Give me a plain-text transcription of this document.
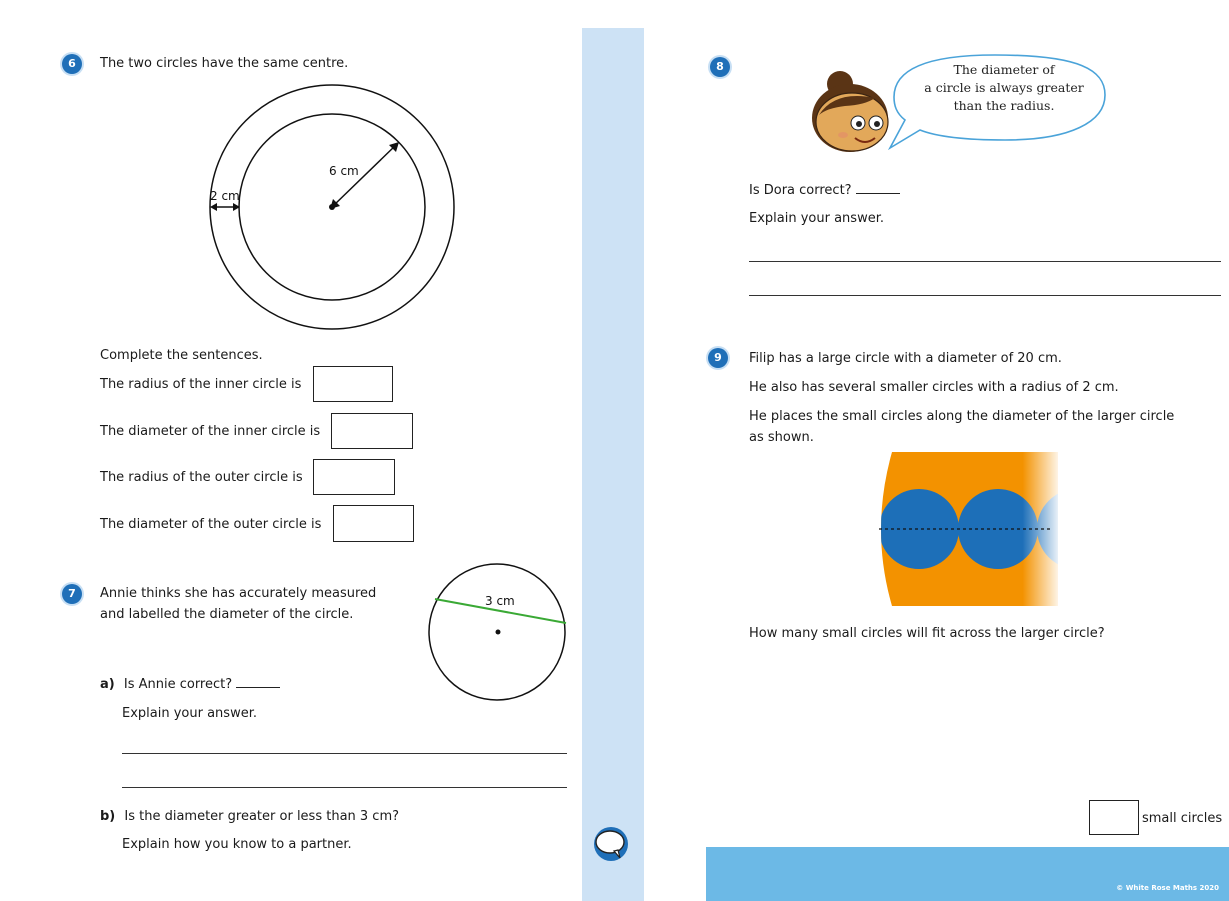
6	The two circles have the same centre.
6 cm
2 cm
Complete the sentences.
The radius of the inner circle is
The diameter of the inner circle is
The radius of the outer circle is
The diameter of the outer circle is
7	Annie thinks she has accurately measured
and labelled the diameter of the circle.
3 cm
a) Is Annie correct?
Explain your answer.
b) Is the diameter greater or less than 3 cm?
Explain how you know to a partner.
8	The diameter of
a circle is always greater
than the radius.
Is Dora correct?
Explain your answer.
9	Filip has a large circle with a diameter of 20 cm.
He also has several smaller circles with a radius of 2 cm.
He places the small circles along the diameter of the larger circle
as shown.
How many small circles will fit across the larger circle?
small circles
© White Rose Maths 2020
